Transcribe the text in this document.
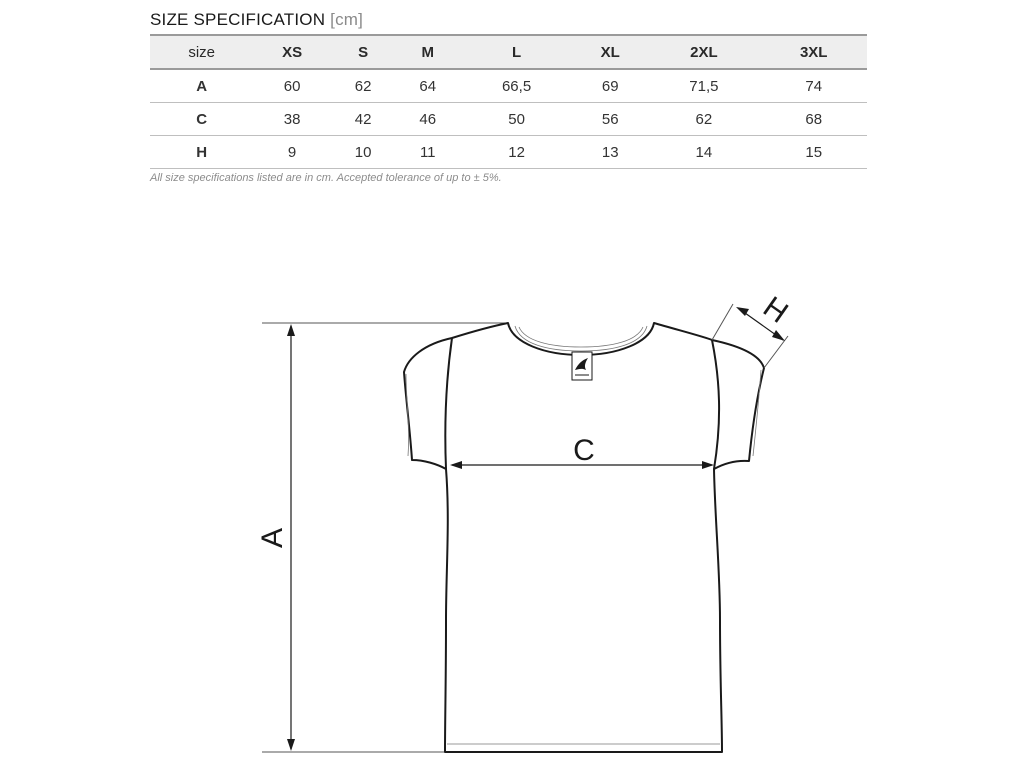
SIZE SPECIFICATION [cm]
size	XS	S	M	L	XL	2XL	3XL
A	60	62	64	66,5	69	71,5	74
C	38	42	46	50	56	62	68
H	9	10	11	12	13	14	15
All size specifications listed are in cm. Accepted tolerance of up to ± 5%.
A
C
H
